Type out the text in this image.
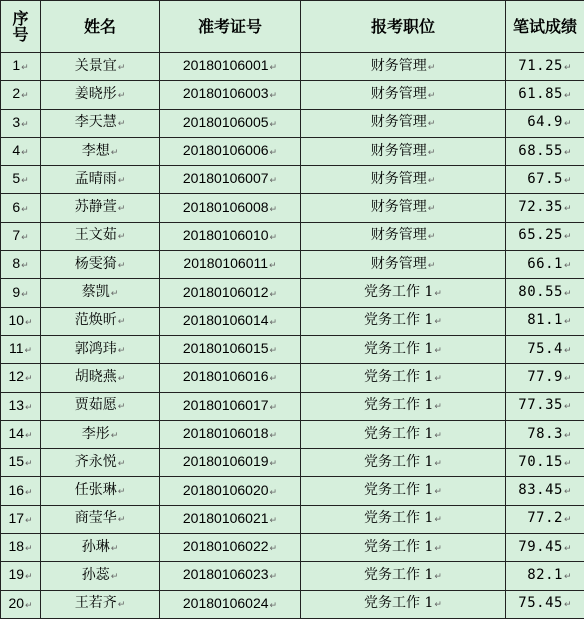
序
号	姓名	准考证号	报考职位	笔试成绩
1↵	关景宜↵	20180106001↵	财务管理↵	71.25↵
2↵	姜晓彤↵	20180106003↵	财务管理↵	61.85↵
3↵	李天慧↵	20180106005↵	财务管理↵	64.9↵
4↵	李想↵	20180106006↵	财务管理↵	68.55↵
5↵	孟晴雨↵	20180106007↵	财务管理↵	67.5↵
6↵	苏静萱↵	20180106008↵	财务管理↵	72.35↵
7↵	王文茹↵	20180106010↵	财务管理↵	65.25↵
8↵	杨雯猗↵	20180106011↵	财务管理↵	66.1↵
9↵	蔡凯↵	20180106012↵	党务工作 1↵	80.55↵
10↵	范焕昕↵	20180106014↵	党务工作 1↵	81.1↵
11↵	郭鸿玮↵	20180106015↵	党务工作 1↵	75.4↵
12↵	胡晓燕↵	20180106016↵	党务工作 1↵	77.9↵
13↵	贾茹愿↵	20180106017↵	党务工作 1↵	77.35↵
14↵	李彤↵	20180106018↵	党务工作 1↵	78.3↵
15↵	齐永悦↵	20180106019↵	党务工作 1↵	70.15↵
16↵	任张琳↵	20180106020↵	党务工作 1↵	83.45↵
17↵	商莹华↵	20180106021↵	党务工作 1↵	77.2↵
18↵	孙琳↵	20180106022↵	党务工作 1↵	79.45↵
19↵	孙蕊↵	20180106023↵	党务工作 1↵	82.1↵
20↵	王若齐↵	20180106024↵	党务工作 1↵	75.45↵
